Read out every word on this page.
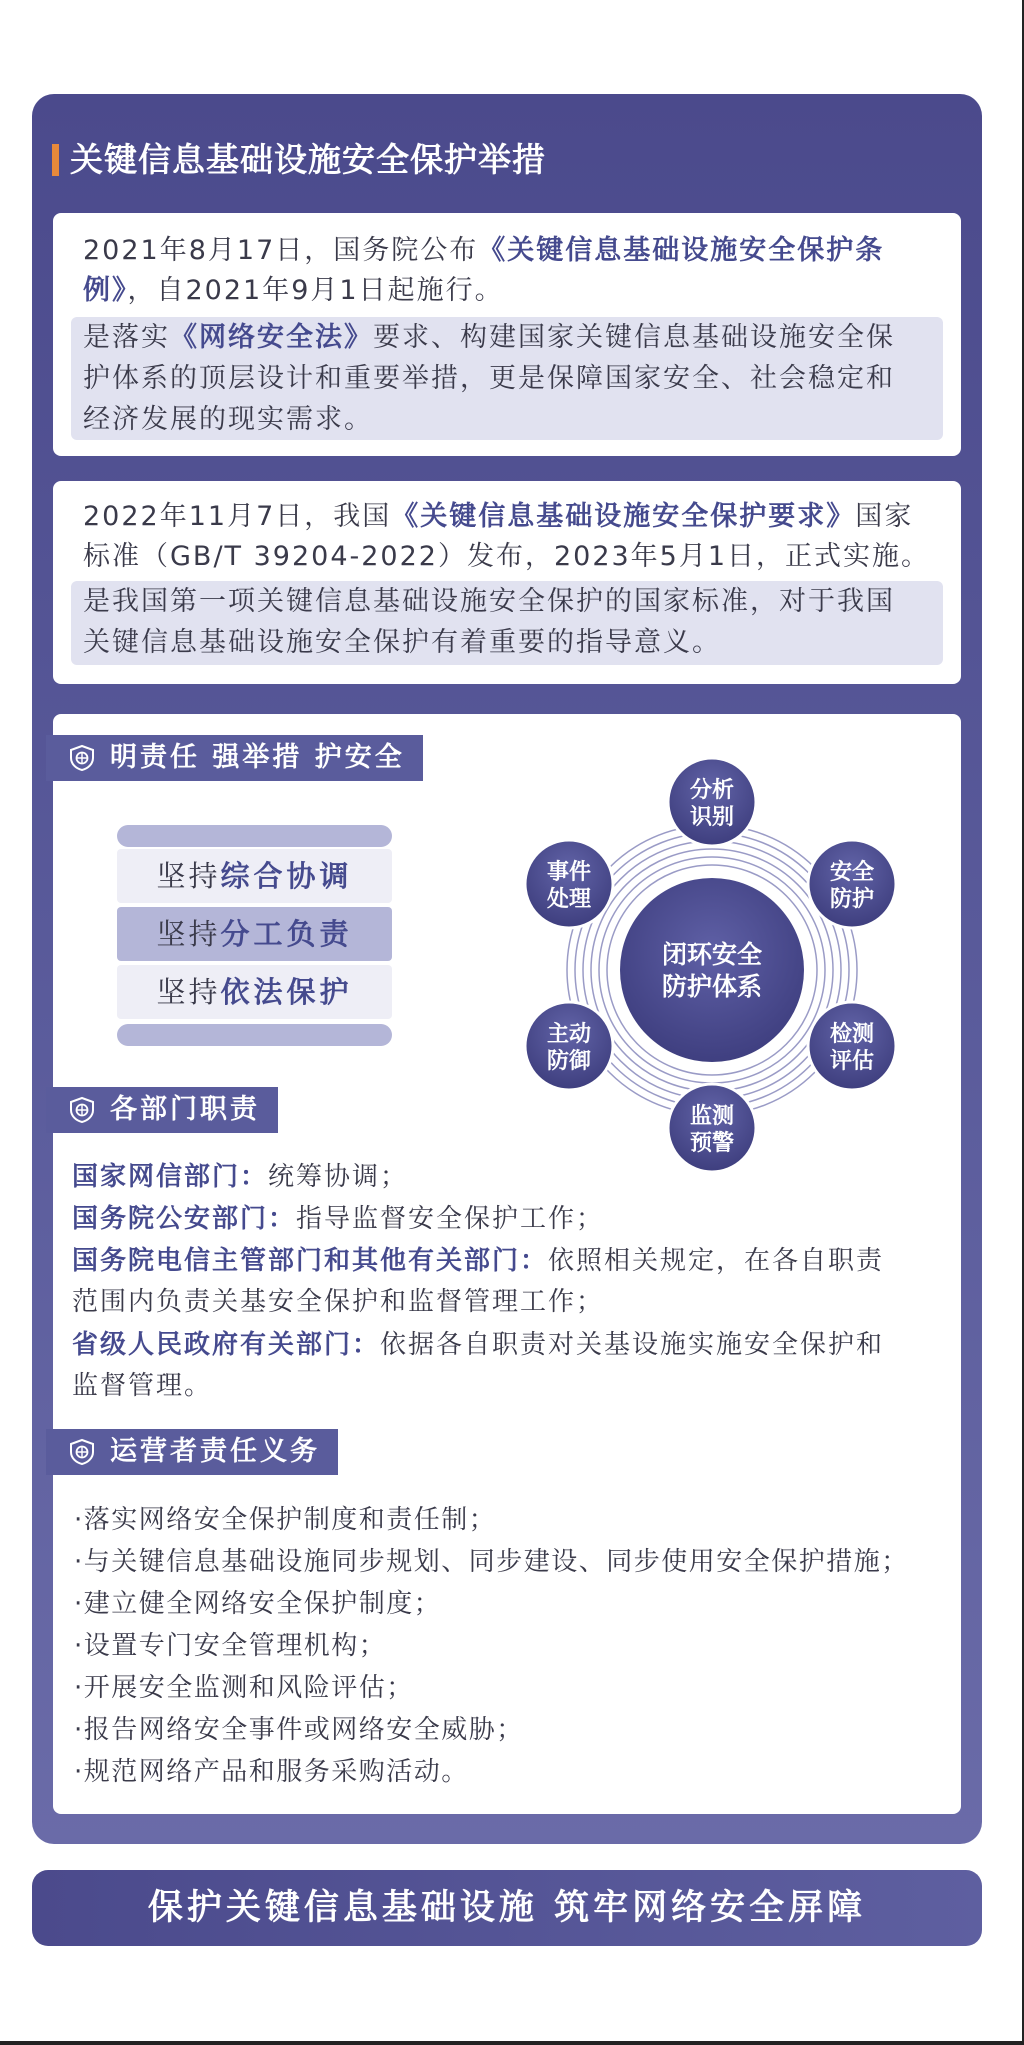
关键信息基础设施安全保护举措
2021年8月17日，国务院公布《关键信息基础设施安全保护条
例》，自2021年9月1日起施行。
是落实《网络安全法》要求、构建国家关键信息基础设施安全保
护体系的顶层设计和重要举措，更是保障国家安全、社会稳定和
经济发展的现实需求。
2022年11月7日，我国《关键信息基础设施安全保护要求》国家
标准（GB/T 39204-2022）发布，2023年5月1日，正式实施。
是我国第一项关键信息基础设施安全保护的国家标准，对于我国
关键信息基础设施安全保护有着重要的指导意义。
明责任 强举措 护安全
坚持综合协调
坚持分工负责
坚持依法保护
闭环安全
防护体系
分析
识别
安全
防护
检测
评估
监测
预警
主动
防御
事件
处理
各部门职责
国家网信部门：统筹协调；
国务院公安部门：指导监督安全保护工作；
国务院电信主管部门和其他有关部门：依照相关规定，在各自职责
范围内负责关基安全保护和监督管理工作；
省级人民政府有关部门：依据各自职责对关基设施实施安全保护和
监督管理。
运营者责任义务
·落实网络安全保护制度和责任制；
·与关键信息基础设施同步规划、同步建设、同步使用安全保护措施；
·建立健全网络安全保护制度；
·设置专门安全管理机构；
·开展安全监测和风险评估；
·报告网络安全事件或网络安全威胁；
·规范网络产品和服务采购活动。
保护关键信息基础设施 筑牢网络安全屏障
